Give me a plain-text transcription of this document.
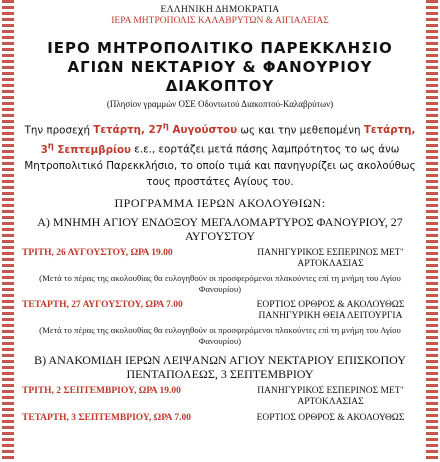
ΕΛΛΗΝΙΚΗ ΔΗΜΟΚΡΑΤΙΑ
ΙΕΡΑ ΜΗΤΡΟΠΟΛΙΣ ΚΑΛΑΒΡΥΤΩΝ & ΑΙΓΙΑΛΕΙΑΣ
ΙΕΡΟ ΜΗΤΡΟΠΟΛΙΤΙΚΟ ΠΑΡΕΚΚΛΗΣΙΟ
ΑΓΙΩΝ ΝΕΚΤΑΡΙΟΥ & ΦΑΝΟΥΡΙΟΥ
ΔΙΑΚΟΠΤΟΥ
(Πλησίον γραμμών ΟΣΕ Οδοντωτού Διακοπτού-Καλαβρύτων)
Την προσεχή Τετάρτη, $27^\eta$ Αυγούστου ως και την μεθεπομένη Τετάρτη, $3^\eta$ Σεπτεμβρίου ε.ε., εορτάζει μετά πάσης λαμπρότητος το ως άνω Μητροπολιτικό Παρεκκλήσιο, το οποίο τιμά και πανηγυρίζει ως ακολούθως τους προστάτες Αγίους του.
ΠΡΟΓΡΑΜΜΑ ΙΕΡΩΝ ΑΚΟΛΟΥΘΙΩΝ:
Α) ΜΝΗΜΗ ΑΓΙΟΥ ΕΝΔΟΞΟΥ ΜΕΓΑΛΟΜΑΡΤΥΡΟΣ ΦΑΝΟΥΡΙΟΥ, 27 ΑΥΓΟΥΣΤΟΥ
ΤΡΙΤΗ, 26 ΑΥΓΟΥΣΤΟΥ, ΩΡΑ 19.00	ΠΑΝΗΓΥΡΙΚΟΣ ΕΣΠΕΡΙΝΟΣ ΜΕΤ’ ΑΡΤΟΚΛΑΣΙΑΣ
(Μετά το πέρας της ακολουθίας θα ευλογηθούν οι προσφερόμενοι πλακούντες επί τη μνήμη του Αγίου Φανουρίου)
ΤΕΤΑΡΤΗ, 27 ΑΥΓΟΥΣΤΟΥ, ΩΡΑ 7.00	ΕΟΡΤΙΟΣ ΟΡΘΡΟΣ & ΑΚΟΛΟΥΘΩΣ ΠΑΝΗΓΥΡΙΚΗ ΘΕΙΑ ΛΕΙΤΟΥΡΓΙΑ
(Μετά το πέρας της ακολουθίας θα ευλογηθούν οι προσφερόμενοι πλακούντες επί τη μνήμη του Αγίου Φανουρίου)
Β) ΑΝΑΚΟΜΙΔΗ ΙΕΡΩΝ ΛΕΙΨΑΝΩΝ ΑΓΙΟΥ ΝΕΚΤΑΡΙΟΥ ΕΠΙΣΚΟΠΟΥ ΠΕΝΤΑΠΟΛΕΩΣ, 3 ΣΕΠΤΕΜΒΡΙΟΥ
ΤΡΙΤΗ, 2 ΣΕΠΤΕΜΒΡΙΟΥ, ΩΡΑ 19.00	ΠΑΝΗΓΥΡΙΚΟΣ ΕΣΠΕΡΙΝΟΣ ΜΕΤ’ ΑΡΤΟΚΛΑΣΙΑΣ
ΤΕΤΑΡΤΗ, 3 ΣΕΠΤΕΜΒΡΙΟΥ, ΩΡΑ 7.00	ΕΟΡΤΙΟΣ ΟΡΘΡΟΣ & ΑΚΟΛΟΥΘΩΣ
